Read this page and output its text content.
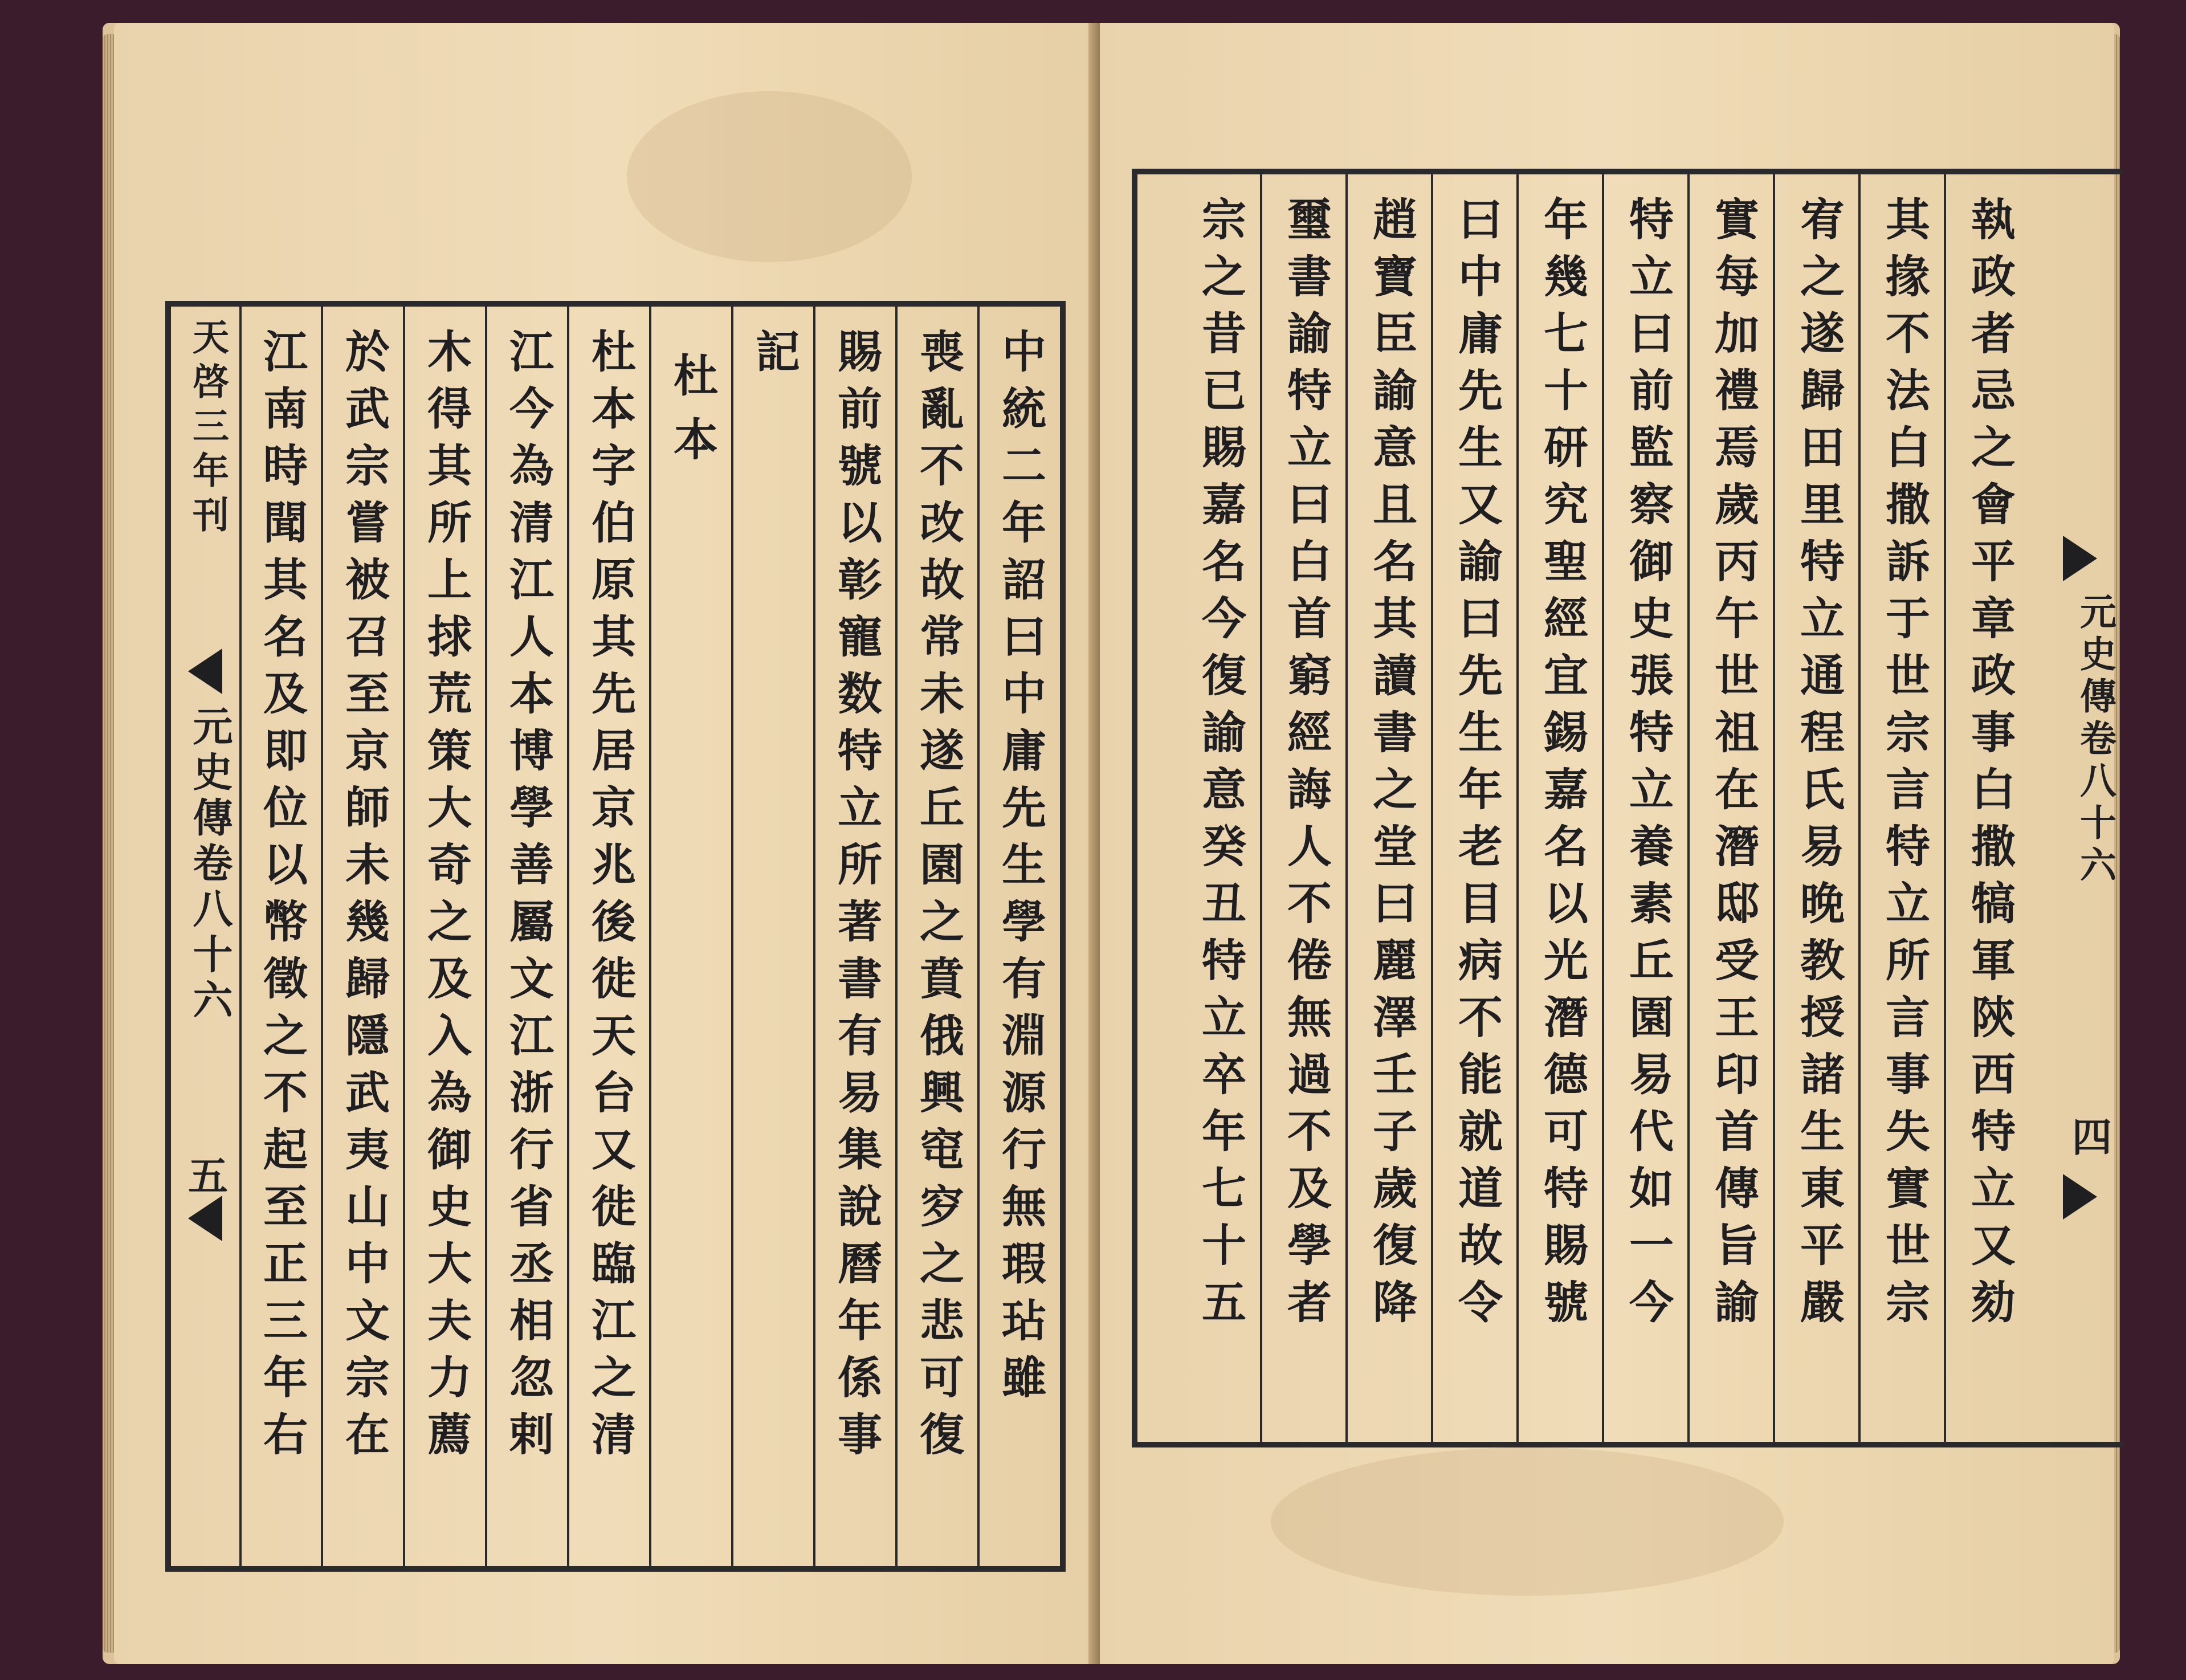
天啓三年刊
元史傳卷八十六
五	中統二年詔曰中庸先生學有淵源行無瑕玷雖
喪亂不改故常未遂丘園之賁俄興窀穸之悲可復
賜前號以彰寵数特立所著書有易集說曆年係事
記
杜本
杜本字伯原其先居京兆後徙天台又徙臨江之清
江今為清江人本博學善屬文江浙行省丞相忽剌
木得其所上捄荒策大奇之及入為御史大夫力薦
於武宗嘗被召至京師未幾歸隱武夷山中文宗在
江南時聞其名及即位以幣徵之不起至正三年右	執政者忌之會平章政事白撒犒軍陝西特立又劾
其掾不法白撒訴于世宗言特立所言事失實世宗
宥之遂歸田里特立通程氏易晚教授諸生東平嚴
實每加禮焉歲丙午世祖在潛邸受王印首傳旨諭
特立曰前監察御史張特立養素丘園易代如一今
年幾七十研究聖經宜錫嘉名以光潛德可特賜號
曰中庸先生又諭曰先生年老目病不能就道故令
趙寶臣諭意且名其讀書之堂曰麗澤壬子歲復降
璽書諭特立曰白首窮經誨人不倦無過不及學者
宗之昔已賜嘉名今復諭意癸丑特立卒年七十五	元史傳卷八十六
四
